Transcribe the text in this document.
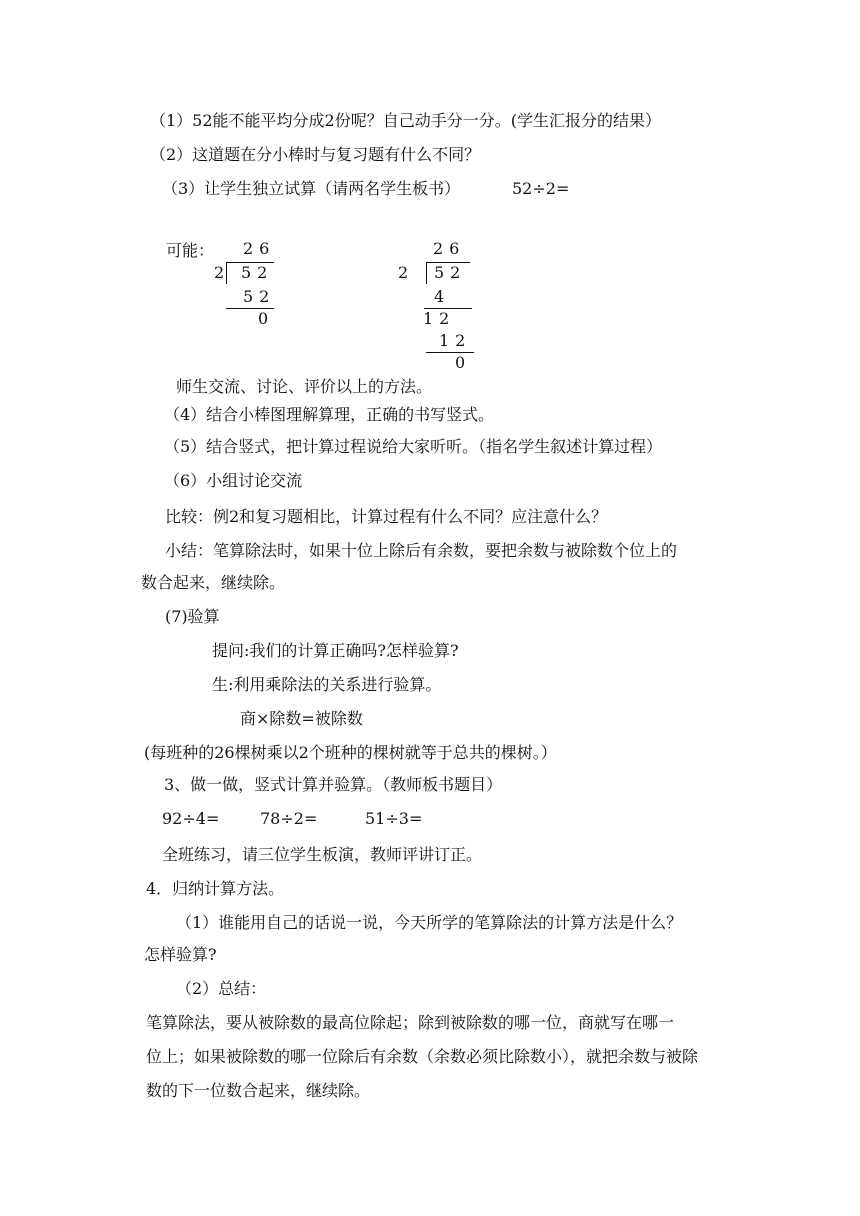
（1）52能不能平均分成2份呢？自己动手分一分。(学生汇报分的结果）
（2）这道题在分小棒时与复习题有什么不同？
（3）让学生独立试算（请两名学生板书）	52÷2=
可能： 26
2 52
52
0
26
2 52
4
12
12
0
师生交流、讨论、评价以上的方法。
（4）结合小棒图理解算理，正确的书写竖式。
（5）结合竖式，把计算过程说给大家听听。（指名学生叙述计算过程）
（6）小组讨论交流
比较：例2和复习题相比，计算过程有什么不同？应注意什么？
小结：笔算除法时，如果十位上除后有余数，要把余数与被除数个位上的
数合起来，继续除。
(7)验算
提问:我们的计算正确吗?怎样验算?
生:利用乘除法的关系进行验算。
商×除数=被除数
(每班种的26棵树乘以2个班种的棵树就等于总共的棵树。）
3、做一做，竖式计算并验算。（教师板书题目）
92÷4=	78÷2=	51÷3=
全班练习，请三位学生板演，教师评讲订正。
4．归纳计算方法。
（1）谁能用自己的话说一说，今天所学的笔算除法的计算方法是什么？
怎样验算?
（2）总结：
笔算除法，要从被除数的最高位除起；除到被除数的哪一位，商就写在哪一
位上；如果被除数的哪一位除后有余数（余数必须比除数小），就把余数与被除
数的下一位数合起来，继续除。
